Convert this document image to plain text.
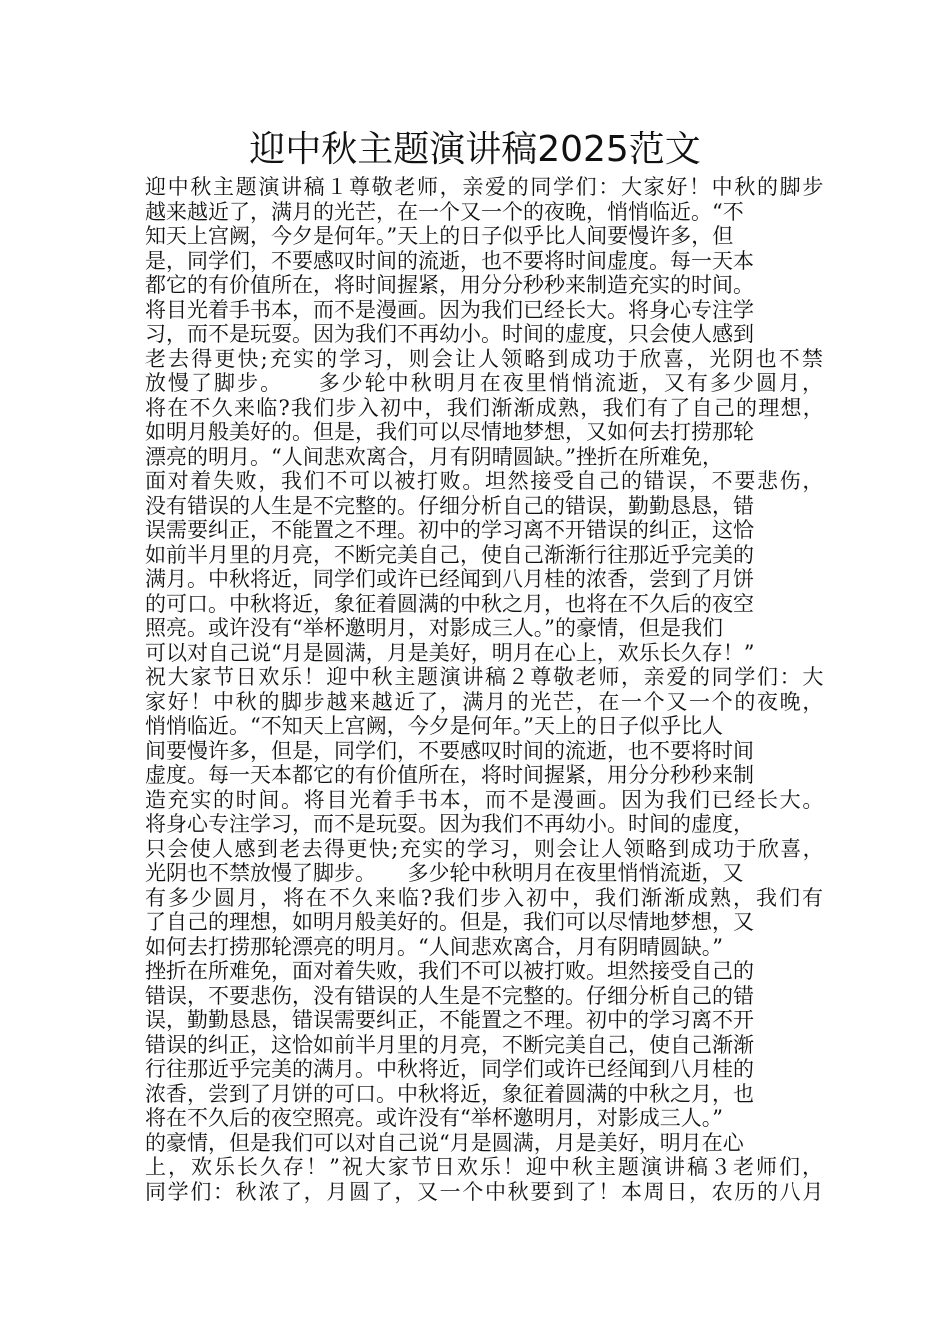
迎中秋主题演讲稿2025范文
迎中秋主题演讲稿１尊敬老师，亲爱的同学们：大家好！中秋的脚步
越来越近了，满月的光芒，在一个又一个的夜晚，悄悄临近。“不
知天上宫阙，今夕是何年。”天上的日子似乎比人间要慢许多，但
是，同学们，不要感叹时间的流逝，也不要将时间虚度。每一天本
都它的有价值所在，将时间握紧，用分分秒秒来制造充实的时间。
将目光着手书本，而不是漫画。因为我们已经长大。将身心专注学
习，而不是玩耍。因为我们不再幼小。时间的虚度，只会使人感到
老去得更快;充实的学习，则会让人领略到成功于欣喜，光阴也不禁
放慢了脚步。　　多少轮中秋明月在夜里悄悄流逝，又有多少圆月，
将在不久来临?我们步入初中，我们渐渐成熟，我们有了自己的理想，
如明月般美好的。但是，我们可以尽情地梦想，又如何去打捞那轮
漂亮的明月。“人间悲欢离合，月有阴晴圆缺。”挫折在所难免，
面对着失败，我们不可以被打败。坦然接受自己的错误，不要悲伤，
没有错误的人生是不完整的。仔细分析自己的错误，勤勤恳恳，错
误需要纠正，不能置之不理。初中的学习离不开错误的纠正，这恰
如前半月里的月亮，不断完美自己，使自己渐渐行往那近乎完美的
满月。中秋将近，同学们或许已经闻到八月桂的浓香，尝到了月饼
的可口。中秋将近，象征着圆满的中秋之月，也将在不久后的夜空
照亮。或许没有“举杯邀明月，对影成三人。”的豪情，但是我们
可以对自己说“月是圆满，月是美好，明月在心上，欢乐长久存！”
祝大家节日欢乐！迎中秋主题演讲稿２尊敬老师，亲爱的同学们：大
家好！中秋的脚步越来越近了，满月的光芒，在一个又一个的夜晚，
悄悄临近。“不知天上宫阙，今夕是何年。”天上的日子似乎比人
间要慢许多，但是，同学们，不要感叹时间的流逝，也不要将时间
虚度。每一天本都它的有价值所在，将时间握紧，用分分秒秒来制
造充实的时间。将目光着手书本，而不是漫画。因为我们已经长大。
将身心专注学习，而不是玩耍。因为我们不再幼小。时间的虚度，
只会使人感到老去得更快;充实的学习，则会让人领略到成功于欣喜，
光阴也不禁放慢了脚步。　　多少轮中秋明月在夜里悄悄流逝，又
有多少圆月，将在不久来临?我们步入初中，我们渐渐成熟，我们有
了自己的理想，如明月般美好的。但是，我们可以尽情地梦想，又
如何去打捞那轮漂亮的明月。“人间悲欢离合，月有阴晴圆缺。”
挫折在所难免，面对着失败，我们不可以被打败。坦然接受自己的
错误，不要悲伤，没有错误的人生是不完整的。仔细分析自己的错
误，勤勤恳恳，错误需要纠正，不能置之不理。初中的学习离不开
错误的纠正，这恰如前半月里的月亮，不断完美自己，使自己渐渐
行往那近乎完美的满月。中秋将近，同学们或许已经闻到八月桂的
浓香，尝到了月饼的可口。中秋将近，象征着圆满的中秋之月，也
将在不久后的夜空照亮。或许没有“举杯邀明月，对影成三人。”
的豪情，但是我们可以对自己说“月是圆满，月是美好，明月在心
上，欢乐长久存！”祝大家节日欢乐！迎中秋主题演讲稿３老师们，
同学们：秋浓了，月圆了，又一个中秋要到了！本周日，农历的八月
